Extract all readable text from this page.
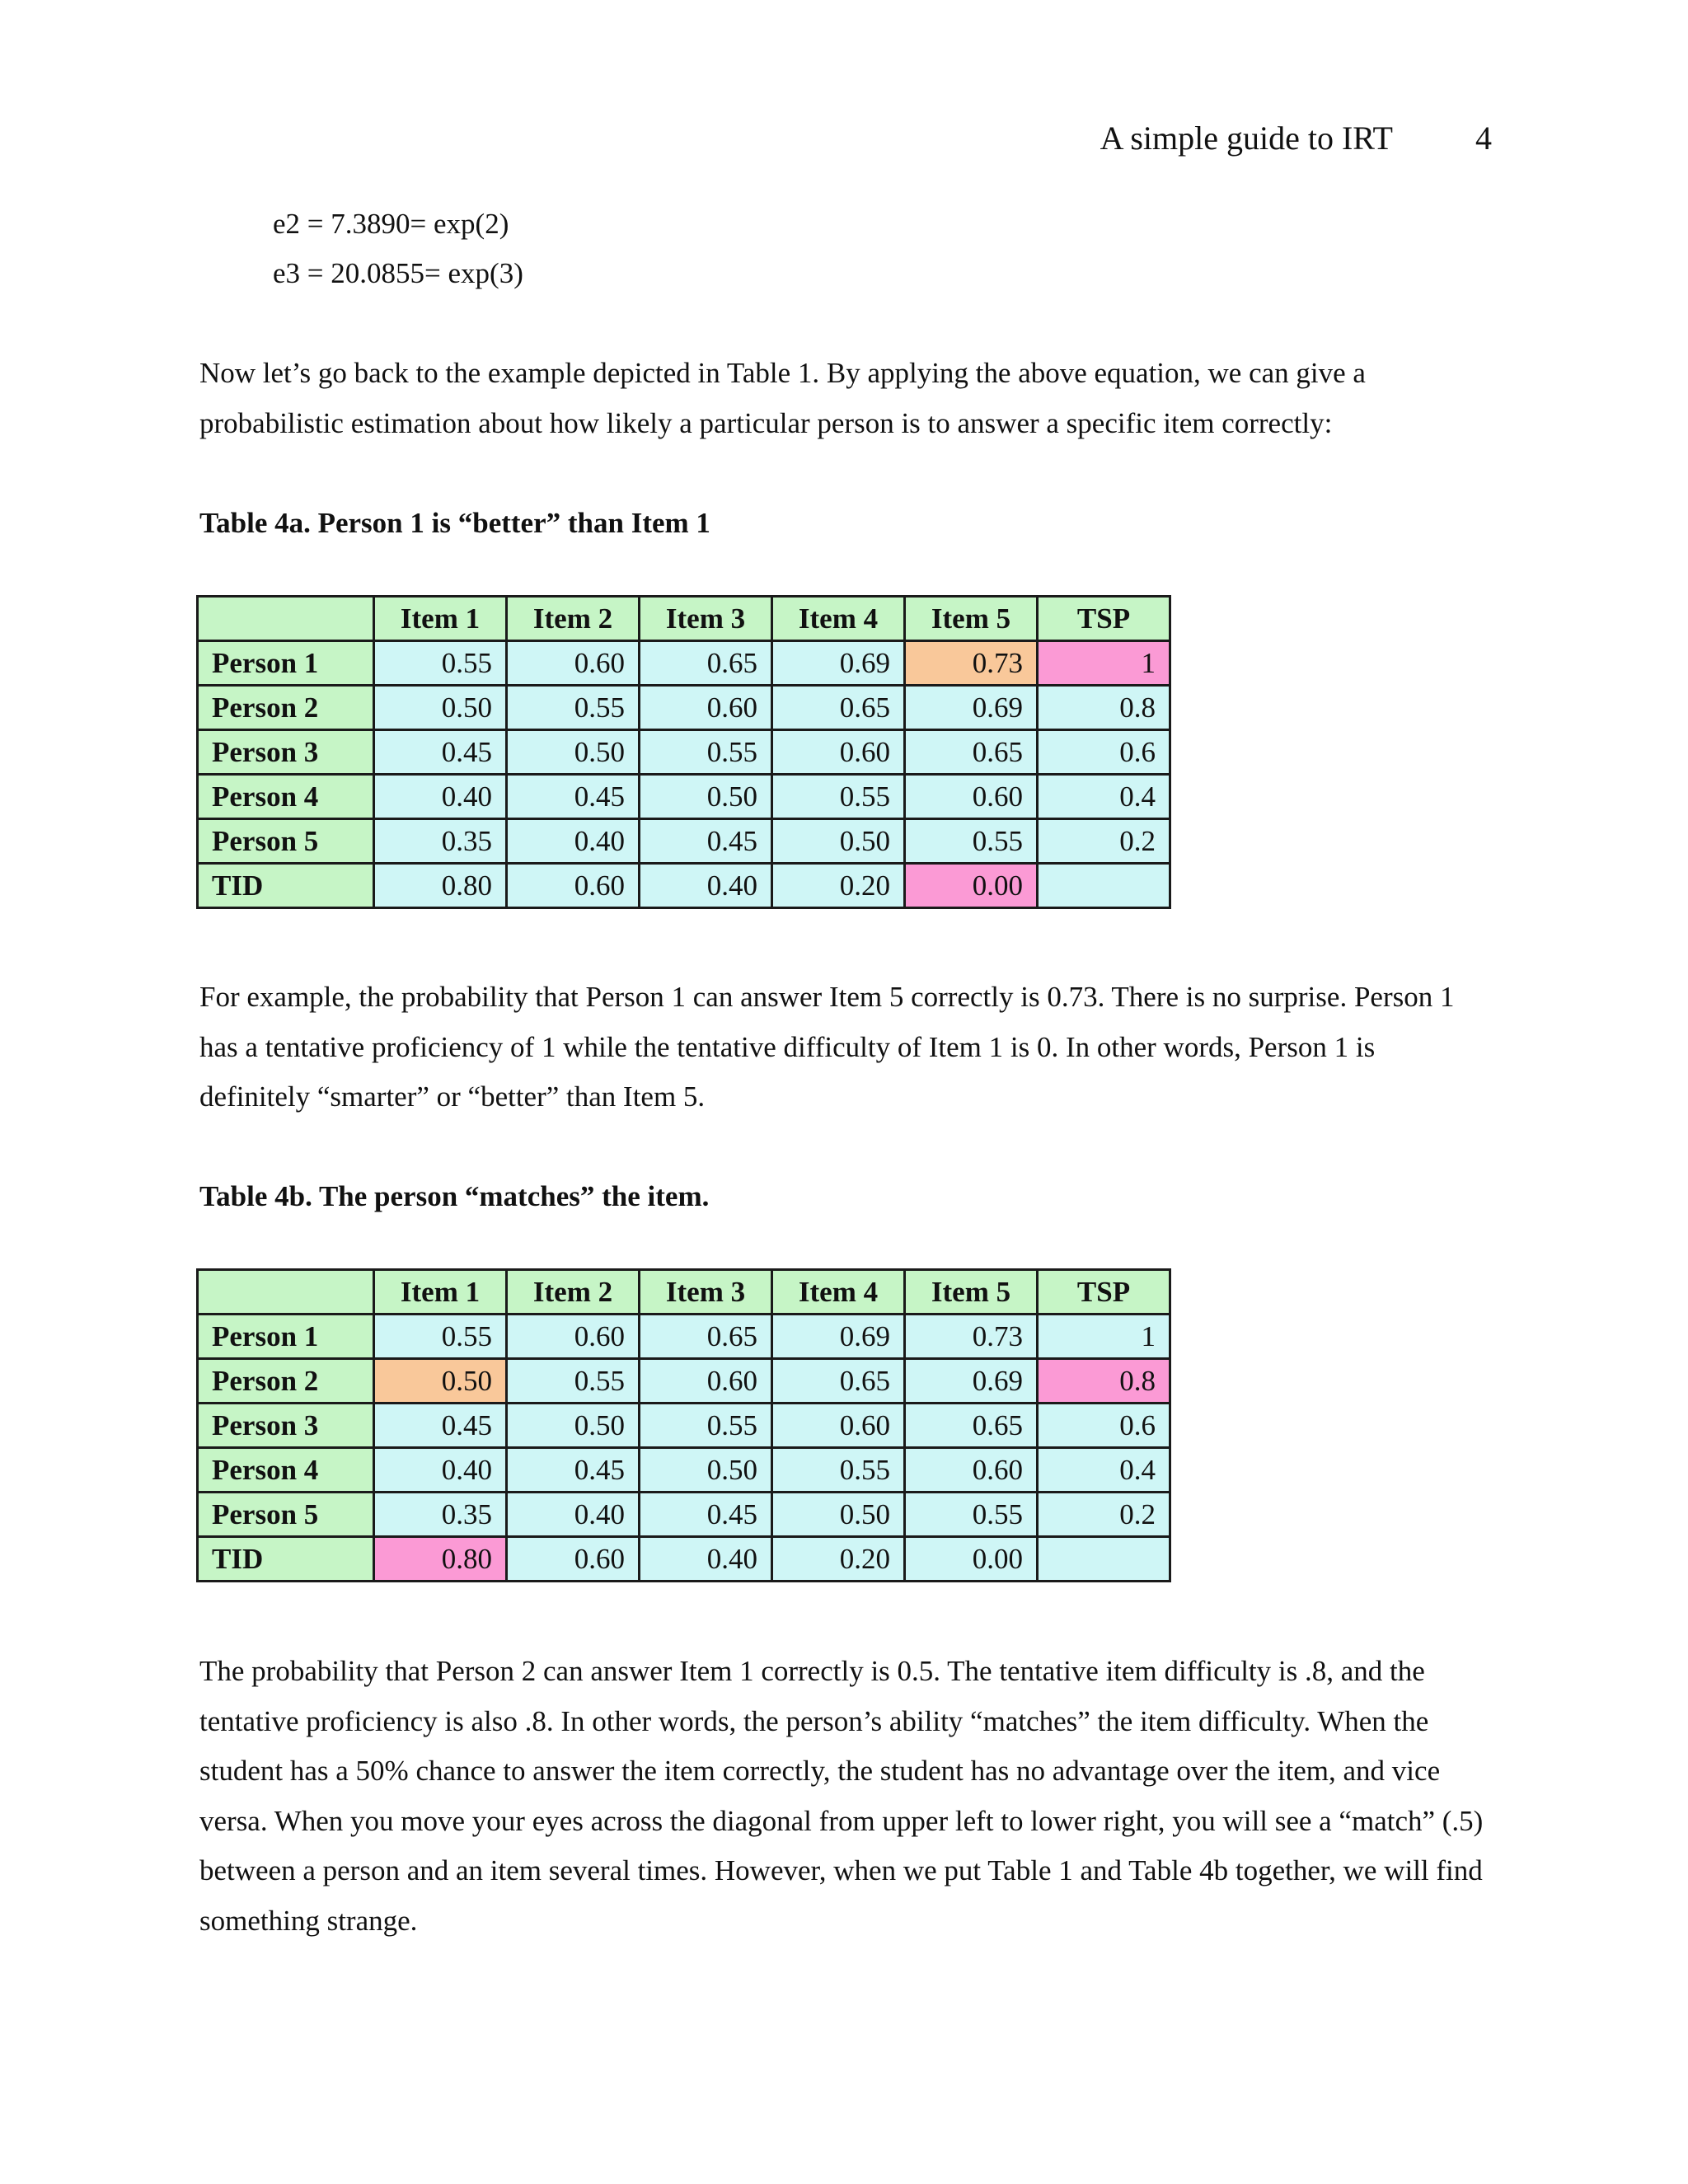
A simple guide to IRT	4
e2 = 7.3890= exp(2)
e3 = 20.0855= exp(3)

Now let’s go back to the example depicted in Table 1. By applying the above equation, we can give a probabilistic estimation about how likely a particular person is to answer a specific item correctly:

Table 4a. Person 1 is “better” than Item 1
	Item 1	Item 2	Item 3	Item 4	Item 5	TSP
Person 1	0.55	0.60	0.65	0.69	0.73	1
Person 2	0.50	0.55	0.60	0.65	0.69	0.8
Person 3	0.45	0.50	0.55	0.60	0.65	0.6
Person 4	0.40	0.45	0.50	0.55	0.60	0.4
Person 5	0.35	0.40	0.45	0.50	0.55	0.2
TID	0.80	0.60	0.40	0.20	0.00	

For example, the probability that Person 1 can answer Item 5 correctly is 0.73. There is no surprise. Person 1 has a tentative proficiency of 1 while the tentative difficulty of Item 1 is 0. In other words, Person 1 is definitely “smarter” or “better” than Item 5.

Table 4b. The person “matches” the item.
	Item 1	Item 2	Item 3	Item 4	Item 5	TSP
Person 1	0.55	0.60	0.65	0.69	0.73	1
Person 2	0.50	0.55	0.60	0.65	0.69	0.8
Person 3	0.45	0.50	0.55	0.60	0.65	0.6
Person 4	0.40	0.45	0.50	0.55	0.60	0.4
Person 5	0.35	0.40	0.45	0.50	0.55	0.2
TID	0.80	0.60	0.40	0.20	0.00	

The probability that Person 2 can answer Item 1 correctly is 0.5. The tentative item difficulty is .8, and the tentative proficiency is also .8. In other words, the person’s ability “matches” the item difficulty. When the student has a 50% chance to answer the item correctly, the student has no advantage over the item, and vice versa. When you move your eyes across the diagonal from upper left to lower right, you will see a “match” (.5) between a person and an item several times. However, when we put Table 1 and Table 4b together, we will find something strange.
